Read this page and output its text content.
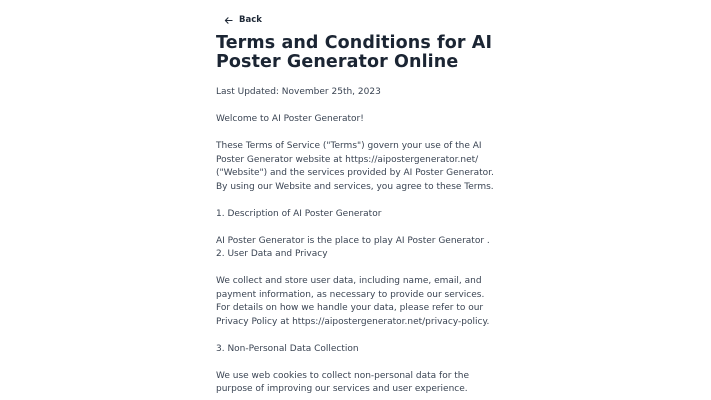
Back
Terms and Conditions for AI Poster Generator Online
Last Updated: November 25th, 2023

Welcome to AI Poster Generator!

These Terms of Service ("Terms") govern your use of the AI Poster Generator website at https://aipostergenerator.net/ ("Website") and the services provided by AI Poster Generator. By using our Website and services, you agree to these Terms.

1. Description of AI Poster Generator

AI Poster Generator is the place to play AI Poster Generator .

2. User Data and Privacy

We collect and store user data, including name, email, and payment information, as necessary to provide our services. For details on how we handle your data, please refer to our Privacy Policy at https://aipostergenerator.net/privacy-policy.

3. Non-Personal Data Collection

We use web cookies to collect non-personal data for the purpose of improving our services and user experience.
